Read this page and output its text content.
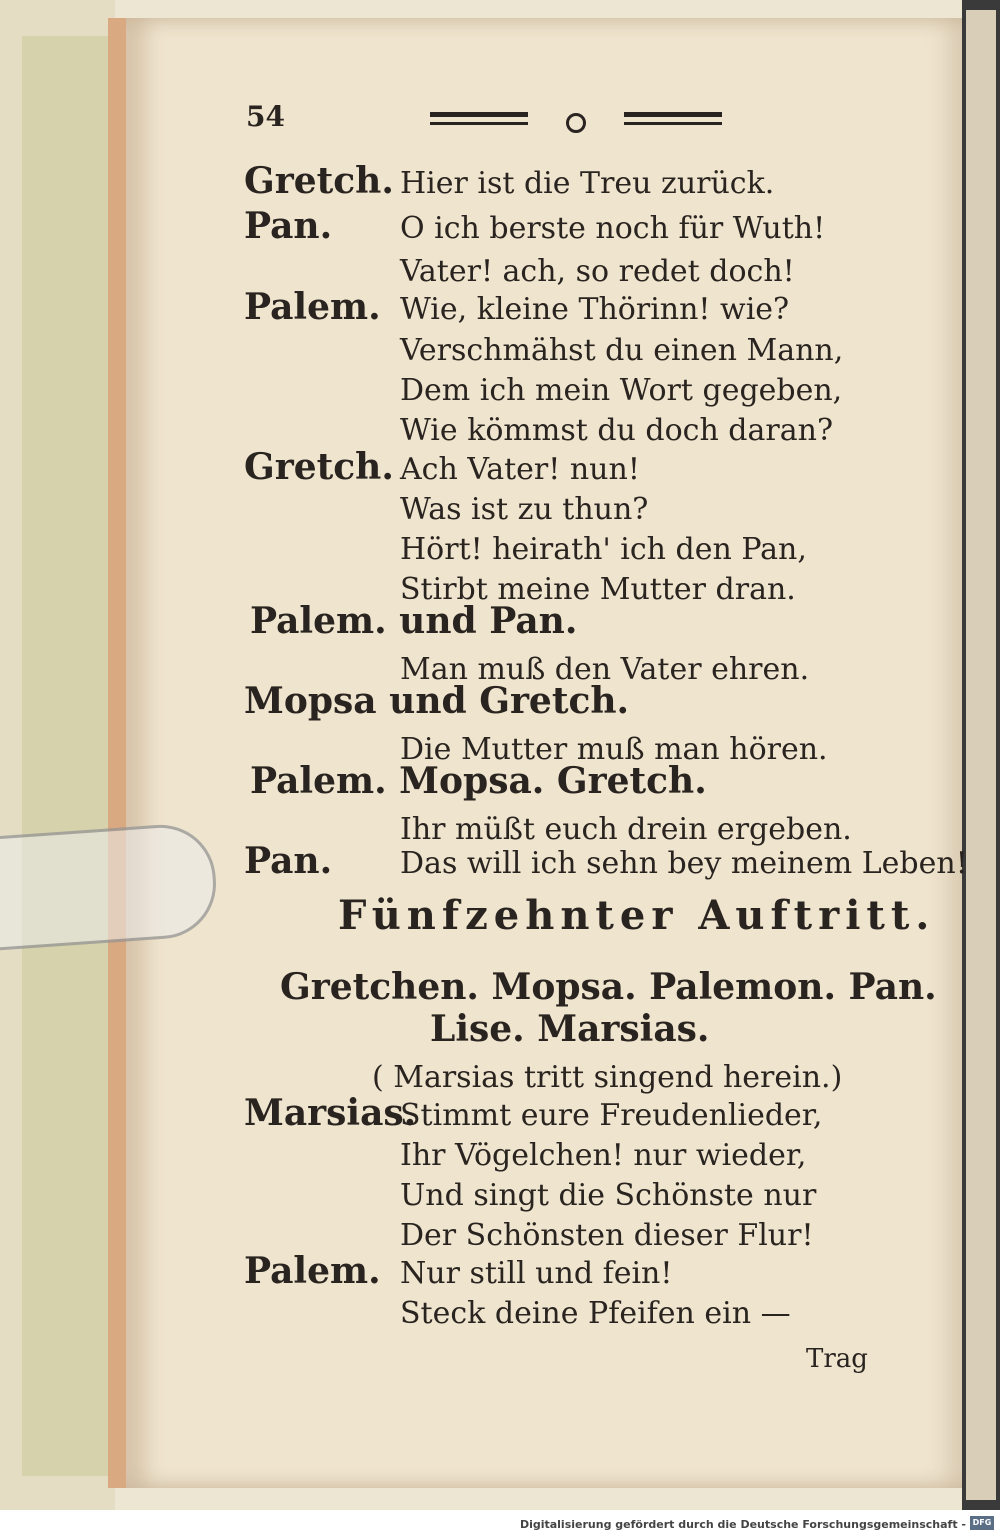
54
Gretch. Hier ist die Treu zurück.
Pan. O ich berste noch für Wuth!
Vater! ach, so redet doch!
Palem. Wie, kleine Thörinn! wie?
Verschmähst du einen Mann,
Dem ich mein Wort gegeben,
Wie kömmst du doch daran?
Gretch. Ach Vater! nun!
Was ist zu thun?
Hört! heirath' ich den Pan,
Stirbt meine Mutter dran.
Palem. und Pan.
Man muß den Vater ehren.
Mopsa und Gretch.
Die Mutter muß man hören.
Palem. Mopsa. Gretch.
Ihr müßt euch drein ergeben.
Pan. Das will ich sehn bey meinem Leben!
Fünfzehnter Auftritt.
Gretchen. Mopsa. Palemon. Pan.
Lise. Marsias.
( Marsias tritt singend herein.)
Marsias.
Stimmt eure Freudenlieder,
Ihr Vögelchen! nur wieder,
Und singt die Schönste nur
Der Schönsten dieser Flur!
Palem. Nur still und fein!
Steck deine Pfeifen ein —
Trag
Digitalisierung gefördert durch die Deutsche Forschungsgemeinschaft - DFG
